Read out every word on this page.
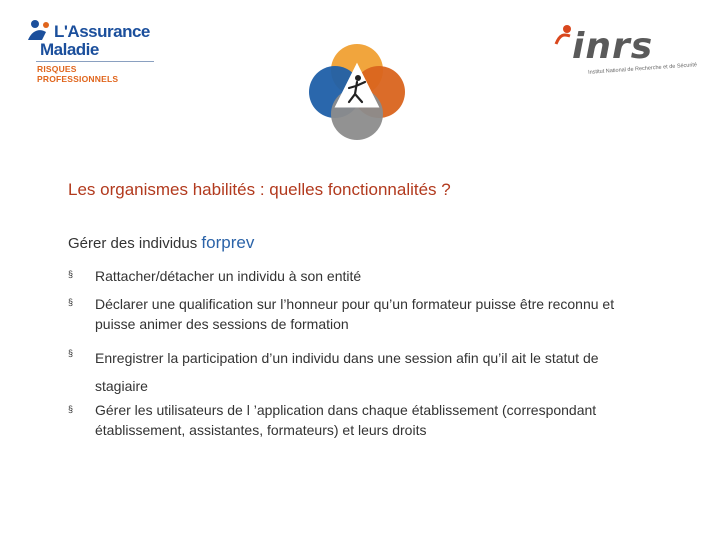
L'Assurance
Maladie
RISQUES PROFESSIONNELS
inrs
Institut National de Recherche et de Sécurité
Les organismes habilités : quelles fonctionnalités ?
Gérer des individus forprev
§ Rattacher/détacher un individu à son entité
§ Déclarer une qualification sur l’honneur pour qu’un formateur puisse être reconnu et puisse animer des sessions de formation
§ Enregistrer la participation d’un individu dans une session afin qu’il ait le statut de stagiaire
§ Gérer les utilisateurs de l ’application dans chaque établissement (correspondant établissement, assistantes, formateurs) et leurs droits
